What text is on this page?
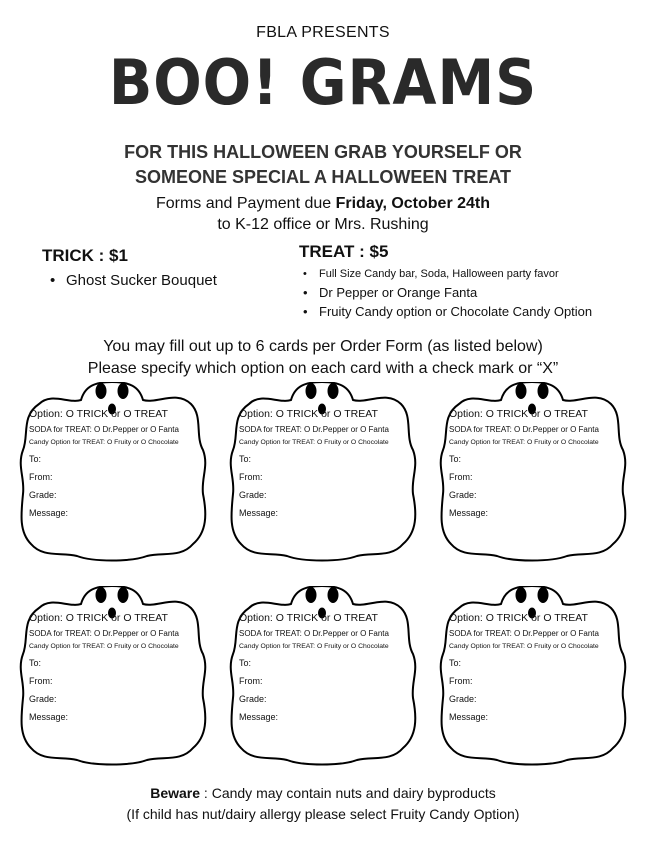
FBLA PRESENTS
BOO! GRAMS
FOR THIS HALLOWEEN GRAB YOURSELF OR
SOMEONE SPECIAL A HALLOWEEN TREAT
Forms and Payment due Friday, October 24th
to K-12 office or Mrs. Rushing
TRICK : $1
• Ghost Sucker Bouquet
TREAT : $5
• Full Size Candy bar, Soda, Halloween party favor
• Dr Pepper or Orange Fanta
• Fruity Candy option or Chocolate Candy Option
You may fill out up to 6 cards per Order Form (as listed below)
Please specify which option on each card with a check mark or “X”
Option: O TRICK or O TREAT
SODA for TREAT: O Dr.Pepper or O Fanta
Candy Option for TREAT: O Fruity or O Chocolate
To:
From:
Grade:
Message:
Option: O TRICK or O TREAT
SODA for TREAT: O Dr.Pepper or O Fanta
Candy Option for TREAT: O Fruity or O Chocolate
To:
From:
Grade:
Message:
Option: O TRICK or O TREAT
SODA for TREAT: O Dr.Pepper or O Fanta
Candy Option for TREAT: O Fruity or O Chocolate
To:
From:
Grade:
Message:
Option: O TRICK or O TREAT
SODA for TREAT: O Dr.Pepper or O Fanta
Candy Option for TREAT: O Fruity or O Chocolate
To:
From:
Grade:
Message:
Option: O TRICK or O TREAT
SODA for TREAT: O Dr.Pepper or O Fanta
Candy Option for TREAT: O Fruity or O Chocolate
To:
From:
Grade:
Message:
Option: O TRICK or O TREAT
SODA for TREAT: O Dr.Pepper or O Fanta
Candy Option for TREAT: O Fruity or O Chocolate
To:
From:
Grade:
Message:
Beware : Candy may contain nuts and dairy byproducts
(If child has nut/dairy allergy please select Fruity Candy Option)
